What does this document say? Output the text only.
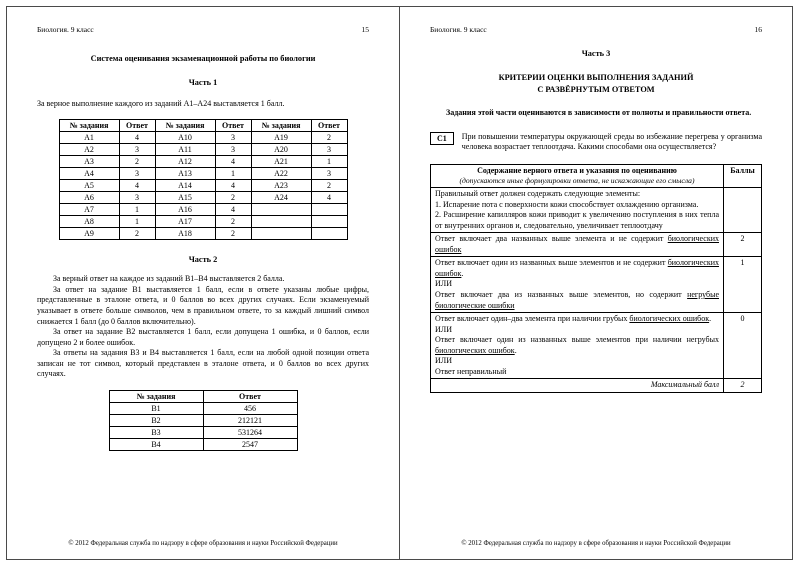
Биология. 9 класс	15
Система оценивания экзаменационной работы по биологии
Часть 1
За верное выполнение каждого из заданий А1–А24 выставляется 1 балл.
№ задания	Ответ	№ задания	Ответ	№ задания	Ответ
А1	4	А10	3	А19	2
А2	3	А11	3	А20	3
А3	2	А12	4	А21	1
А4	3	А13	1	А22	3
А5	4	А14	4	А23	2
А6	3	А15	2	А24	4
А7	1	А16	4		
А8	1	А17	2		
А9	2	А18	2		
Часть 2

За верный ответ на каждое из заданий В1–В4 выставляется 2 балла.

За ответ на задание В1 выставляется 1 балл, если в ответе указаны любые цифры, представленные в эталоне ответа, и 0 баллов во всех других случаях. Если экзаменуемый указывает в ответе больше символов, чем в правильном ответе, то за каждый лишний символ снижается 1 балл (до 0 баллов включительно).

За ответ на задание В2 выставляется 1 балл, если допущена 1 ошибка, и 0 баллов, если допущено 2 и более ошибок.

За ответы на задания В3 и В4 выставляется 1 балл, если на любой одной позиции ответа записан не тот символ, который представлен в эталоне ответа, и 0 баллов во всех других случаях.

№ задания	Ответ
В1	456
В2	212121
В3	531264
В4	2547
© 2012 Федеральная служба по надзору в сфере образования и науки Российской Федерации
Биология. 9 класс	16
Часть 3
КРИТЕРИИ ОЦЕНКИ ВЫПОЛНЕНИЯ ЗАДАНИЙ
С РАЗВЁРНУТЫМ ОТВЕТОМ
Задания этой части оцениваются в зависимости от полноты и правильности ответа.
С1	При повышении температуры окружающей среды во избежание перегрева у организма человека возрастает теплоотдача. Какими способами она осуществляется?
Содержание верного ответа и указания по оцениванию
(допускаются иные формулировки ответа, не искажающие его смысла)	Баллы

Правильный ответ должен содержать следующие элементы:
1. Испарение пота с поверхности кожи способствует охлаждению организма.
2. Расширение капилляров кожи приводит к увеличению поступления в них тепла от внутренних органов и, следовательно, увеличивает теплоотдачу	

Ответ включает два названных выше элемента и не содержит биологических ошибок	2

Ответ включает один из названных выше элементов и не содержит биологических ошибок.
ИЛИ
Ответ включает два из названных выше элементов, но содержит негрубые биологические ошибки	1

Ответ включает один–два элемента при наличии грубых биологических ошибок.
ИЛИ
Ответ включает один из названных выше элементов при наличии негрубых биологических ошибок.
ИЛИ
Ответ неправильный	0

Максимальный балл	2
© 2012 Федеральная служба по надзору в сфере образования и науки Российской Федерации
